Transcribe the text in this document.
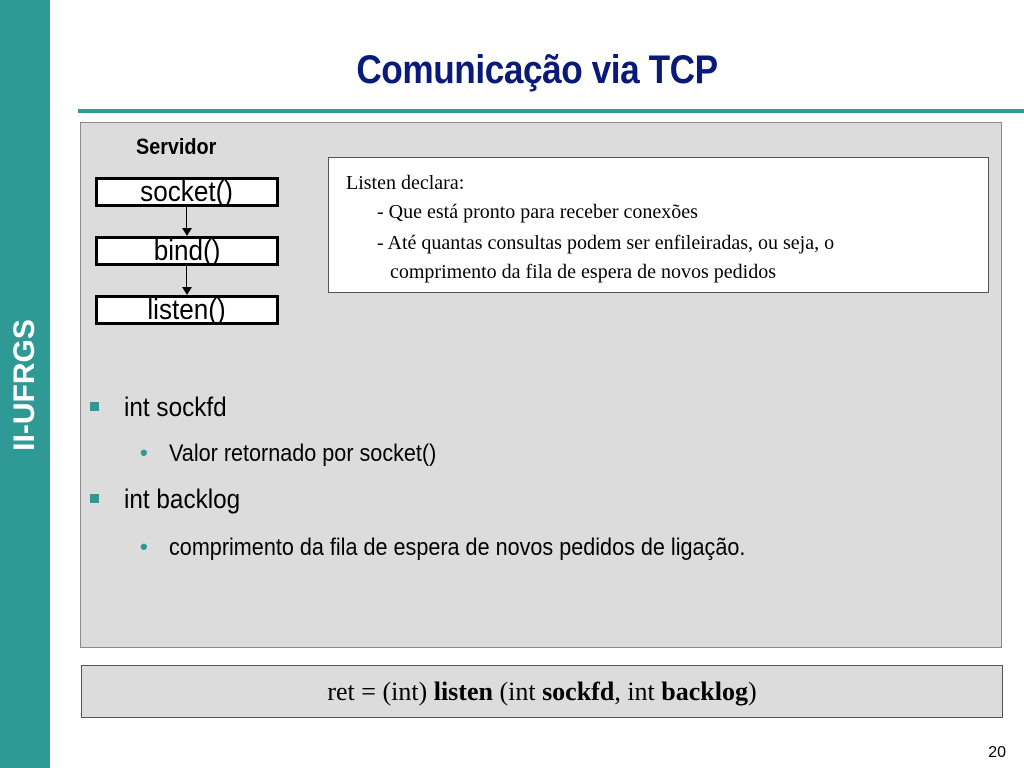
II-UFRGS
Comunicação via TCP
Servidor
socket()
bind()
listen()
Listen declara:
- Que está pronto para receber conexões
- Até quantas consultas podem ser enfileiradas, ou seja, o
comprimento da fila de espera de novos pedidos
int sockfd
• Valor retornado por socket()
int backlog
• comprimento da fila de espera de novos pedidos de ligação.
ret = (int) listen (int sockfd, int backlog)
20
